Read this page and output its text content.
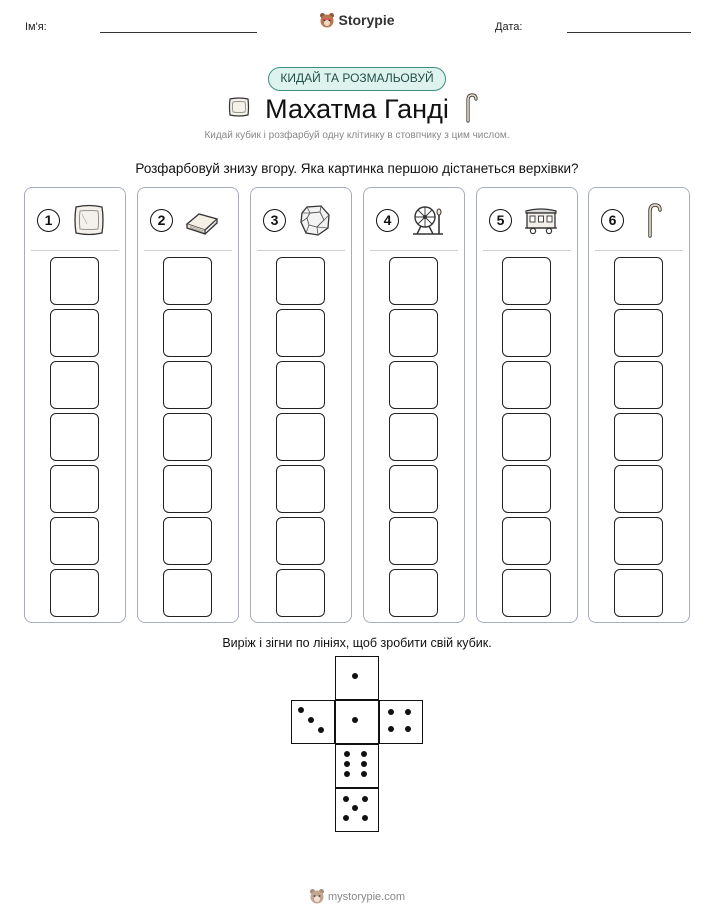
Ім'я:	Дата:
Storypie
КИДАЙ ТА РОЗМАЛЬОВУЙ
Махатма Ганді
Кидай кубик і розфарбуй одну клітинку в стовпчику з цим числом.
Розфарбовуй знизу вгору. Яка картинка першою дістанеться верхівки?
1	2	3	4	5	6
Виріж і зігни по лініях, щоб зробити свій кубик.
mystorypie.com
